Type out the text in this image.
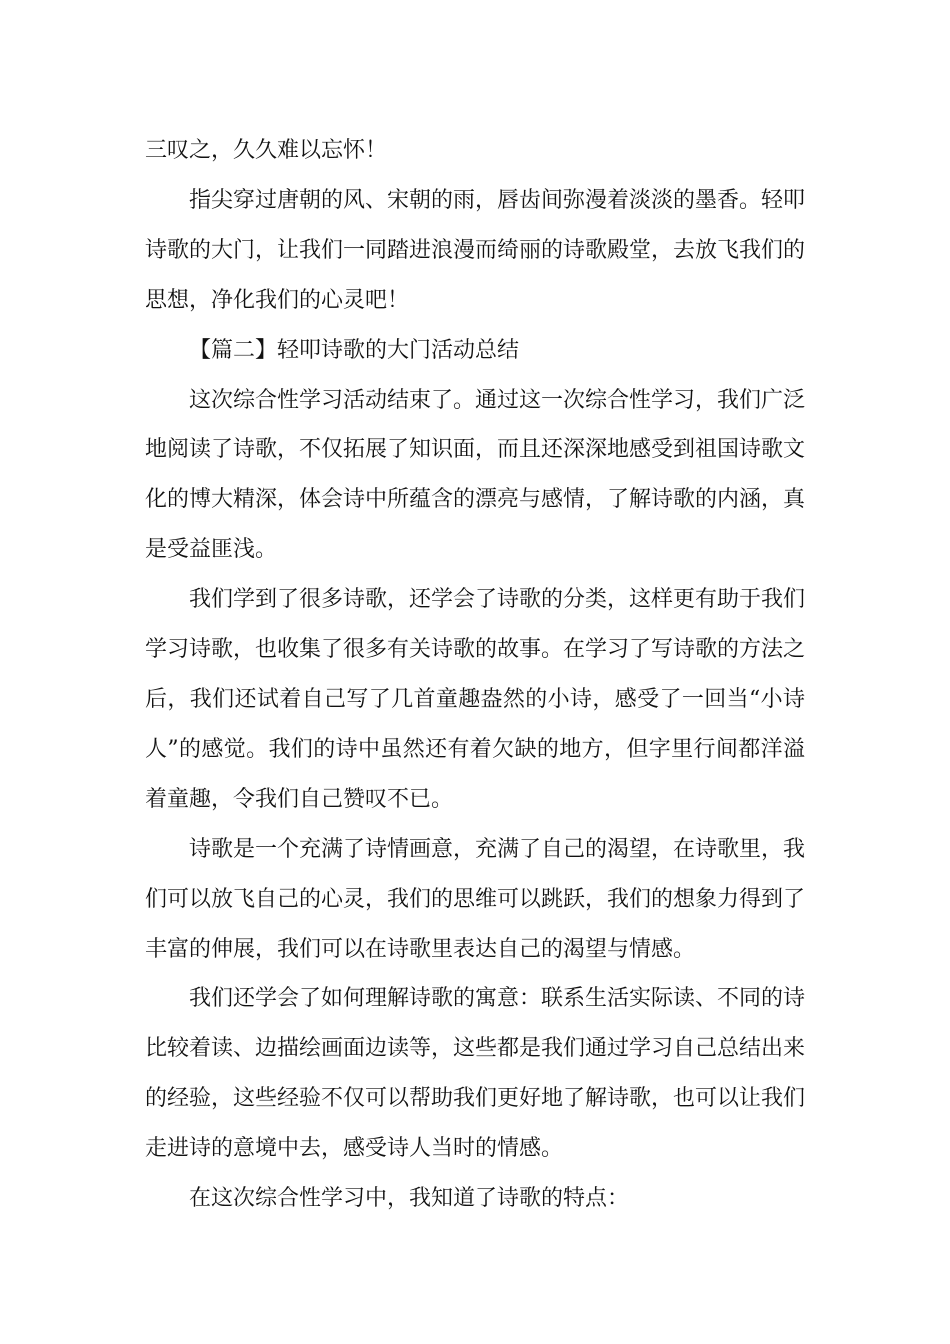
三叹之，久久难以忘怀！

指尖穿过唐朝的风、宋朝的雨，唇齿间弥漫着淡淡的墨香。轻叩诗歌的大门，让我们一同踏进浪漫而绮丽的诗歌殿堂，去放飞我们的思想，净化我们的心灵吧！

【篇二】轻叩诗歌的大门活动总结

这次综合性学习活动结束了。通过这一次综合性学习，我们广泛地阅读了诗歌，不仅拓展了知识面，而且还深深地感受到祖国诗歌文化的博大精深，体会诗中所蕴含的漂亮与感情，了解诗歌的内涵，真是受益匪浅。

我们学到了很多诗歌，还学会了诗歌的分类，这样更有助于我们学习诗歌，也收集了很多有关诗歌的故事。在学习了写诗歌的方法之后，我们还试着自己写了几首童趣盎然的小诗，感受了一回当“小诗人”的感觉。我们的诗中虽然还有着欠缺的地方，但字里行间都洋溢着童趣，令我们自己赞叹不已。

诗歌是一个充满了诗情画意，充满了自己的渴望，在诗歌里，我们可以放飞自己的心灵，我们的思维可以跳跃，我们的想象力得到了丰富的伸展，我们可以在诗歌里表达自己的渴望与情感。

我们还学会了如何理解诗歌的寓意：联系生活实际读、不同的诗比较着读、边描绘画面边读等，这些都是我们通过学习自己总结出来的经验，这些经验不仅可以帮助我们更好地了解诗歌，也可以让我们走进诗的意境中去，感受诗人当时的情感。

在这次综合性学习中，我知道了诗歌的特点：
